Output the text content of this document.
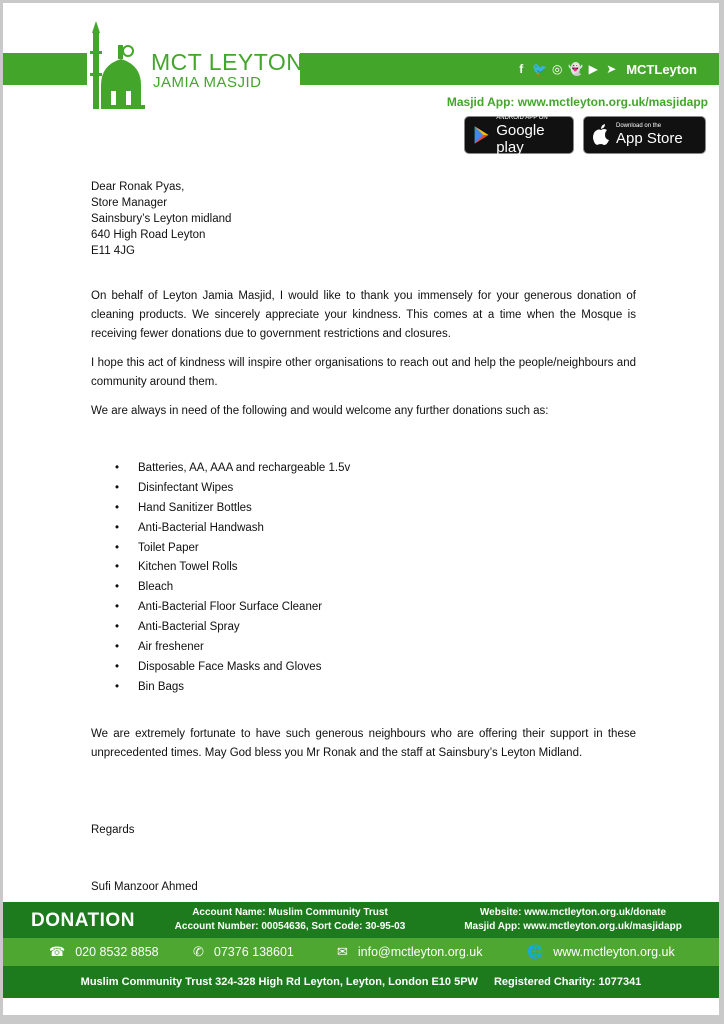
MCT LEYTON
JAMIA MASJID
f 🐦 ◎ 👻 ▶ ➤ MCTLeyton
Masjid App: www.mctleyton.org.uk/masjidapp
ANDROID APP ON
Google play
Download on the
App Store
Dear Ronak Pyas,
Store Manager
Sainsbury’s Leyton midland
640 High Road Leyton
E11 4JG

On behalf of Leyton Jamia Masjid, I would like to thank you immensely for your generous donation of cleaning products. We sincerely appreciate your kindness. This comes at a time when the Mosque is receiving fewer donations due to government restrictions and closures.

I hope this act of kindness will inspire other organisations to reach out and help the people/neighbours and community around them.

We are always in need of the following and would welcome any further donations such as:

• Batteries, AA, AAA and rechargeable 1.5v
• Disinfectant Wipes
• Hand Sanitizer Bottles
• Anti-Bacterial Handwash
• Toilet Paper
• Kitchen Towel Rolls
• Bleach
• Anti-Bacterial Floor Surface Cleaner
• Anti-Bacterial Spray
• Air freshener
• Disposable Face Masks and Gloves
• Bin Bags

We are extremely fortunate to have such generous neighbours who are offering their support in these unprecedented times. May God bless you Mr Ronak and the staff at Sainsbury’s Leyton Midland.

Regards
Sufi Manzoor Ahmed
DONATION	Account Name: Muslim Community Trust
Account Number: 00054636, Sort Code: 30-95-03
Website: www.mctleyton.org.uk/donate
Masjid App: www.mctleyton.org.uk/masjidapp
☎ 020 8532 8858	✆ 07376 138601	✉ info@mctleyton.org.uk	🌐 www.mctleyton.org.uk
Muslim Community Trust 324-328 High Rd Leyton, Leyton, London E10 5PW Registered Charity: 1077341
